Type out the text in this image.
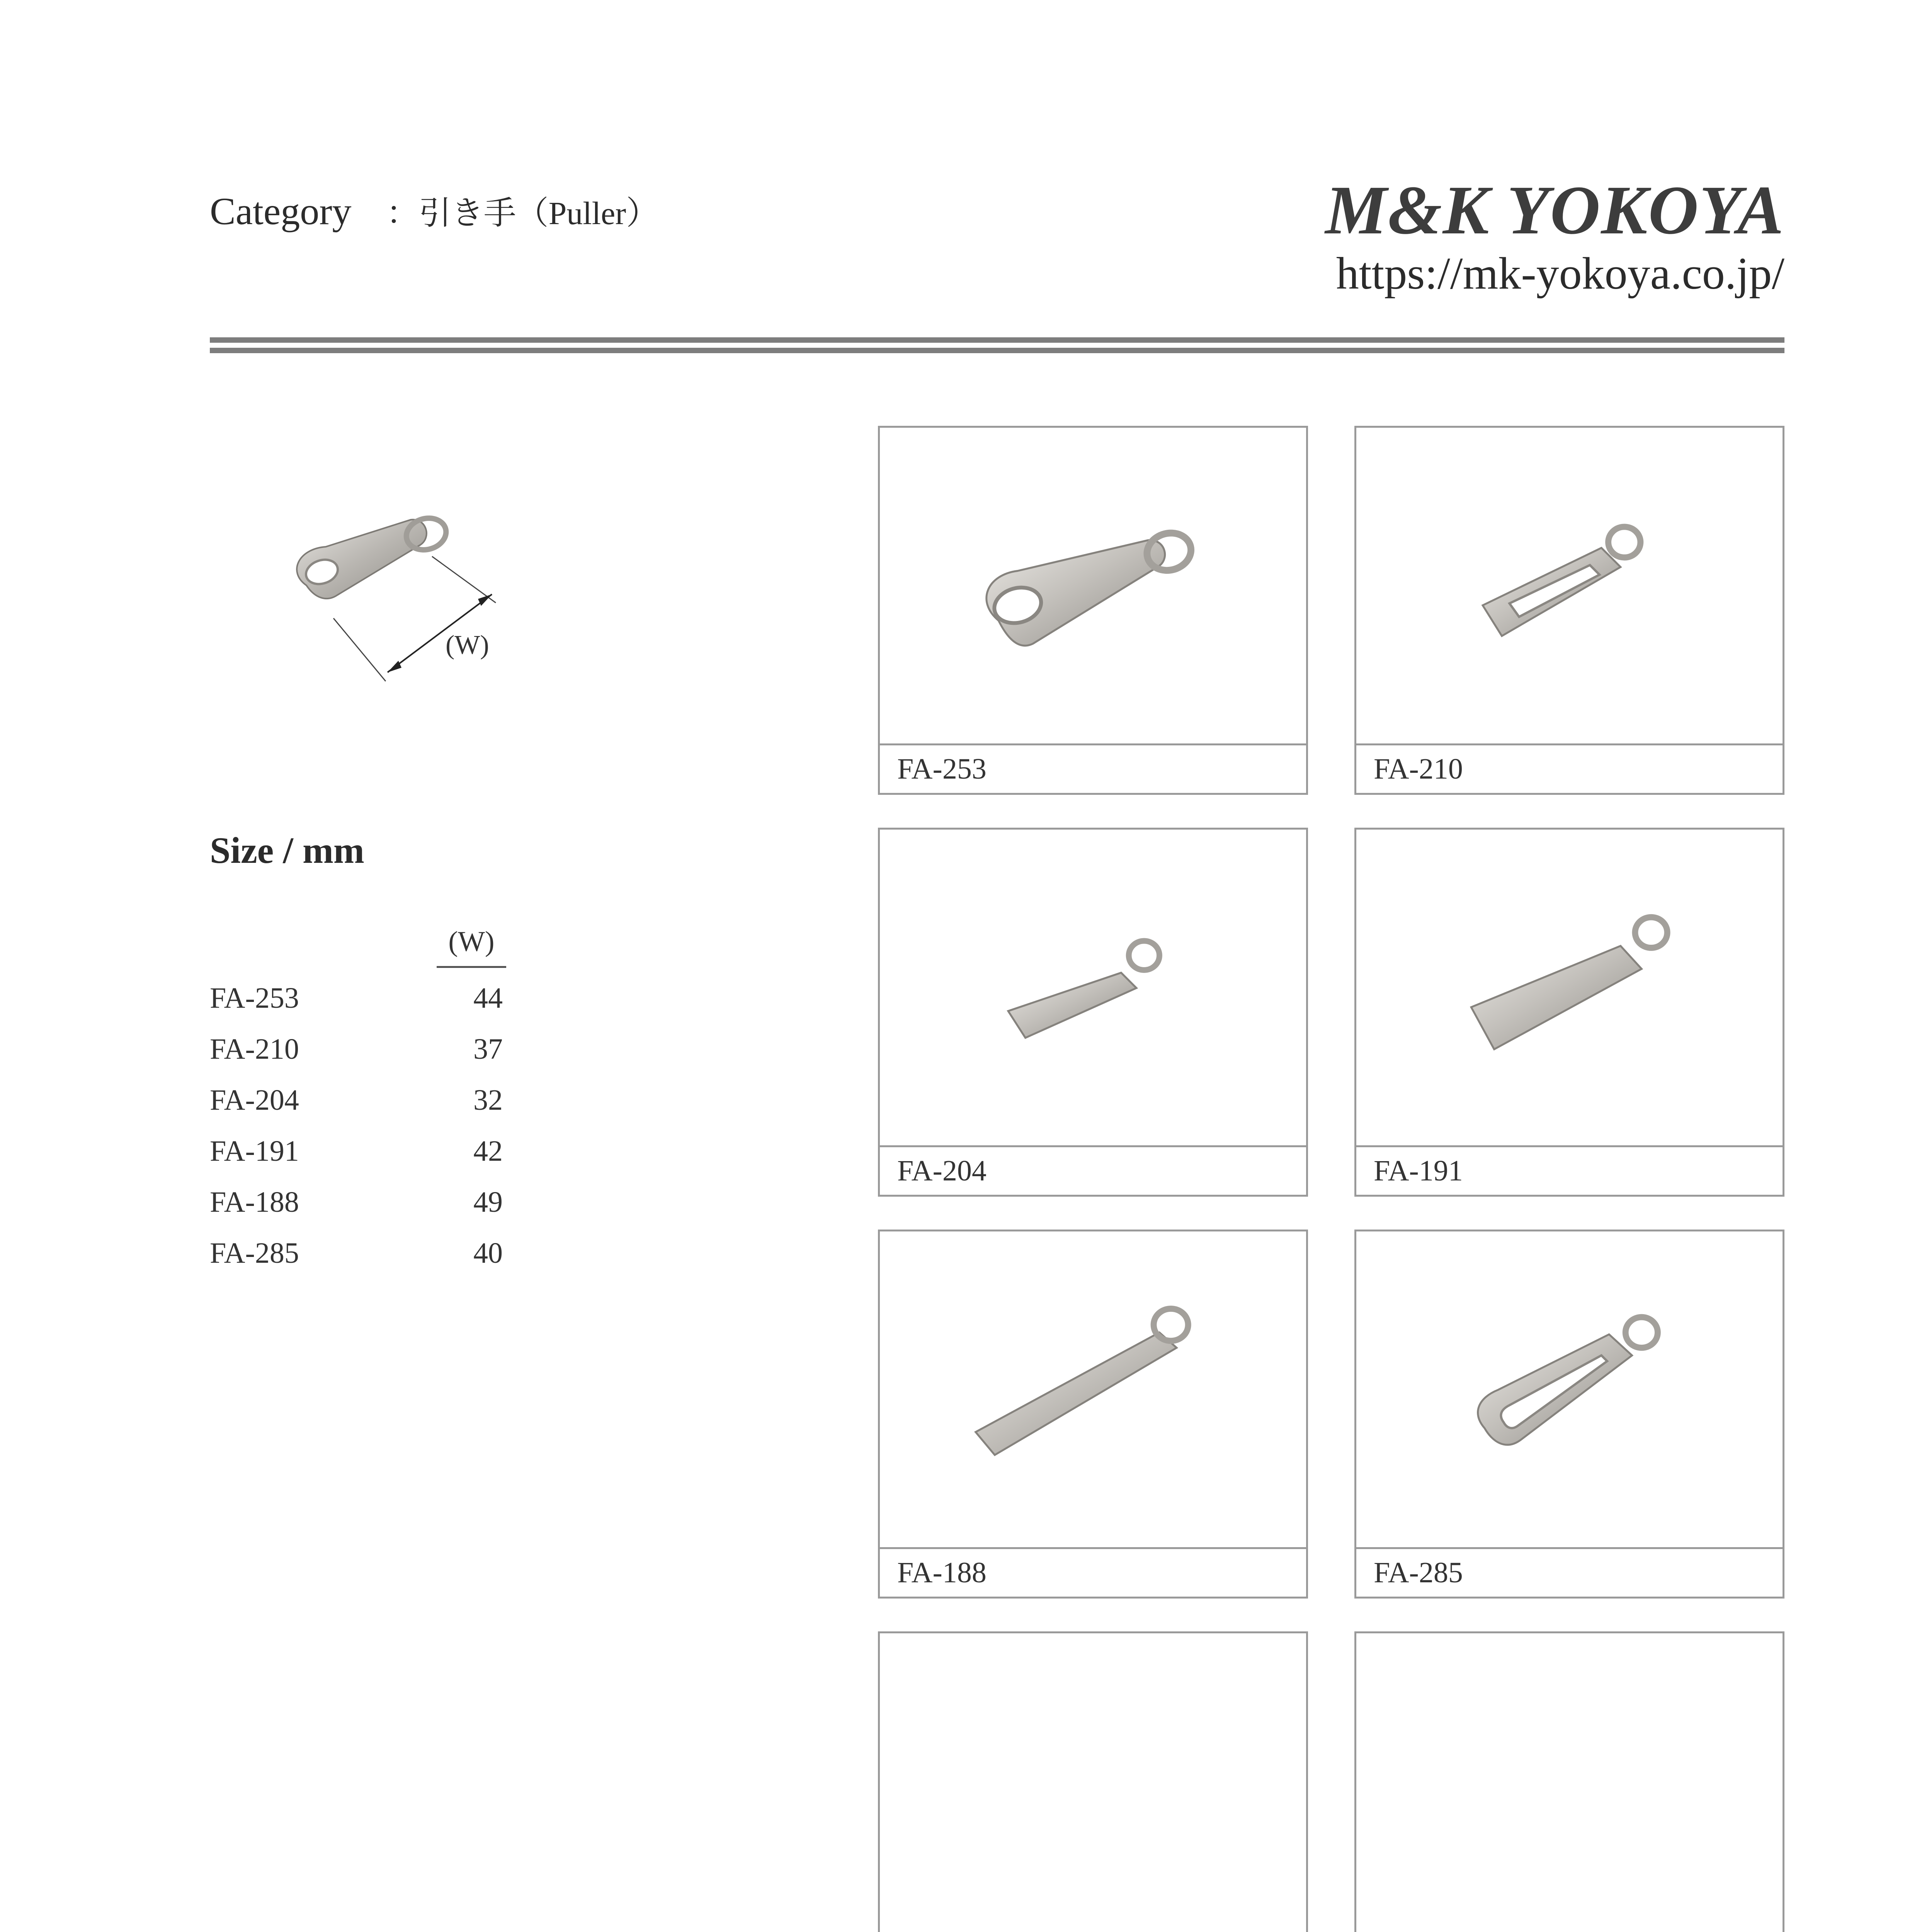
Category ：引き手（Puller）	M&K YOKOYA
https://mk-yokoya.co.jp/
(W)
Size / mm
(W)
FA-253	44
FA-210	37
FA-204	32
FA-191	42
FA-188	49
FA-285	40
FA-253	FA-210
FA-204	FA-191
FA-188	FA-285
